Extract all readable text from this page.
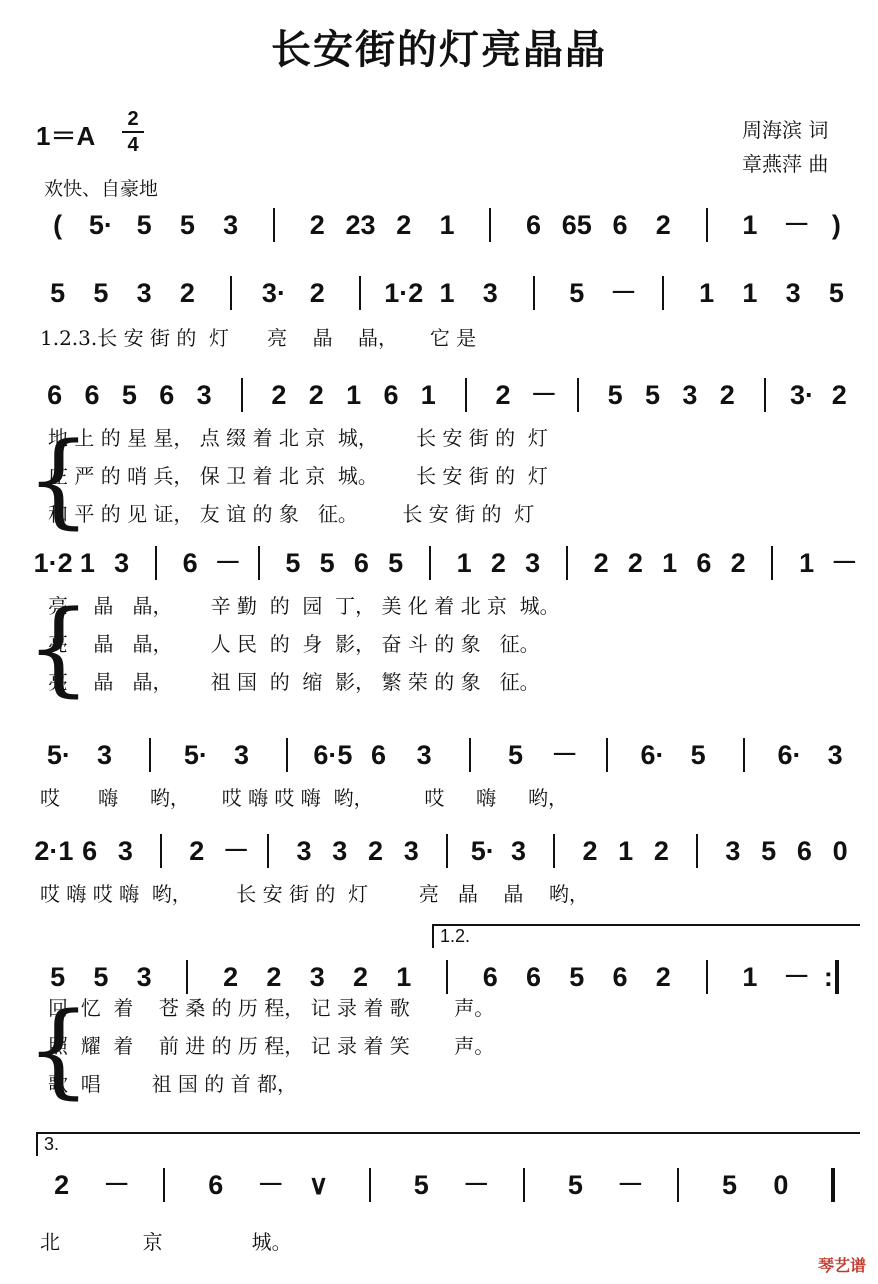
长安街的灯亮晶晶
1＝A
2
4
周海滨 词
章燕萍 曲
欢快、自豪地
( 5· 5 5 3	2 23 2 1	6 65 6 2	1 － )
5 5 3 2 3· 2 1·2 1 3	5 － 1 1 3 5
1.2.3.长 安 街 的  灯      亮    晶    晶，     它 是
6 6 5 6 3 2 2 1 6 1 2 － 5 5 3 2 3· 2
地 上 的 星 星， 点 缀 着 北 京  城，      长 安 街 的  灯
庄 严 的 哨 兵， 保 卫 着 北 京  城。      长 安 街 的  灯
和 平 的 见 证， 友 谊 的 象   征。       长 安 街 的  灯
{
1·2 1 3 6 － 5 5 6 5 1 2 3 2 2 1 6 2 1 －
亮    晶   晶，      辛 勤  的  园  丁， 美 化 着 北 京  城。
亮    晶   晶，      人 民  的  身  影， 奋 斗 的 象   征。
亮    晶   晶，      祖 国  的  缩  影， 繁 荣 的 象   征。
{
5· 3	5· 3 6·5 6 3	5 － 6· 5	6· 3
哎      嗨     哟，     哎 嗨 哎 嗨  哟，        哎     嗨     哟，
2·1 6 3 2 － 3 3 2 3 5· 3 2 1 2 3 5 6 0
哎 嗨 哎 嗨  哟，       长 安 街 的  灯        亮   晶    晶    哟，
1.2.
5 5 3	2 2 3 2 1	6 6 5 6 2	1 － :
回  忆  着    苍 桑 的 历 程， 记 录 着 歌       声。
照  耀  着    前 进 的 历 程， 记 录 着 笑       声。
歌  唱        祖 国 的 首 都，
{
3.
2 －	6 － ∨	5 －	5 －	5 0
北             京              城。
琴艺谱
